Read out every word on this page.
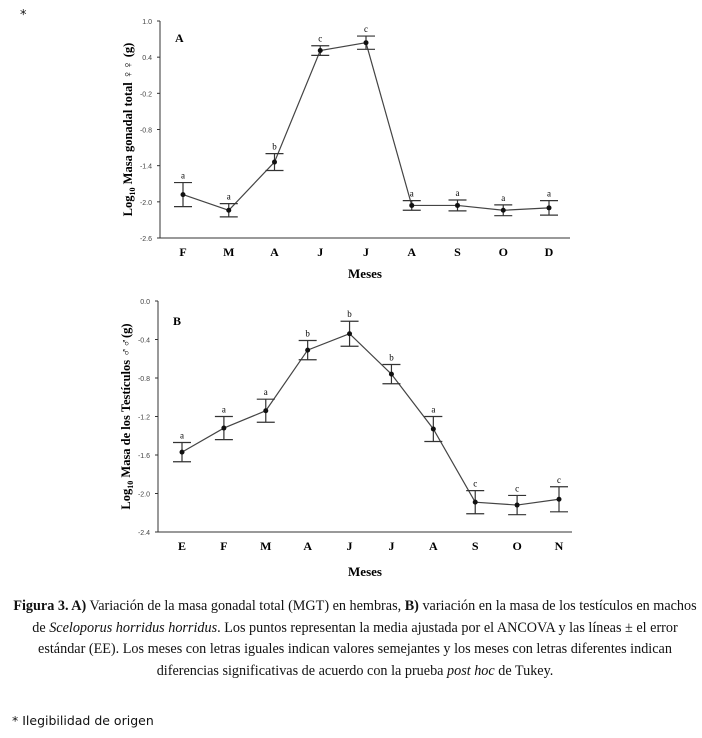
*	1.0
0.4
-0.2
-0.8
-1.4
-2.0
-2.6
A
F	M	A	J	J	A	S	O	D
Meses
Log$_{10}$ Masa gonadal total ♀♀ (g)	a
a
b
c
c
a	a	a	a
0.0
-0.4
-0.8
-1.2
-1.6
-2.0
-2.4
B
E	F	M	A	J	J	A	S	O	N
Meses
Log$_{10}$ Masa de los Testículos ♂♂(g)	a
a
a
b
b
b
a
c	c
c
Figura 3. A) Variación de la masa gonadal total (MGT) en hembras, B) variación en la masa de los testículos en machos de Sceloporus horridus horridus. Los puntos representan la media ajustada por el ANCOVA y las líneas ± el error estándar (EE). Los meses con letras iguales indican valores semejantes y los meses con letras diferentes indican diferencias significativas de acuerdo con la prueba post hoc de Tukey.
* Ilegibilidad de origen
